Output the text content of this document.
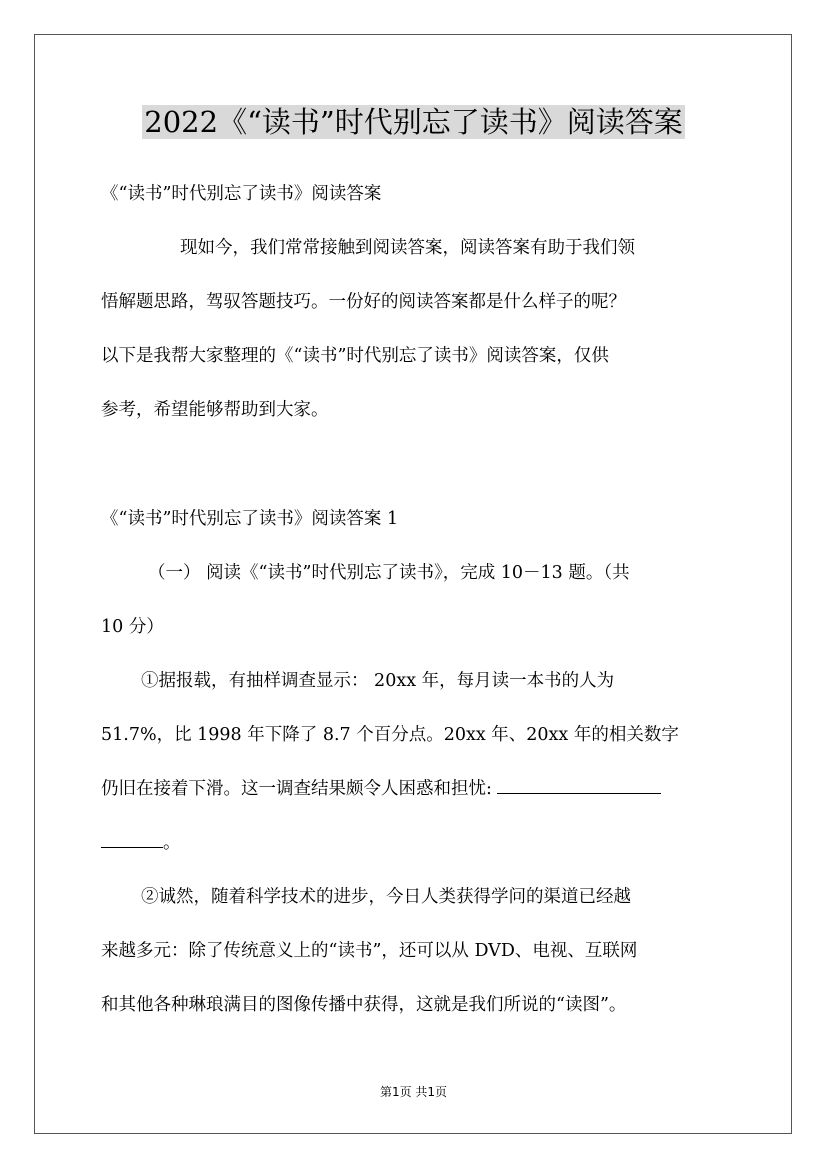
2022《“读书”时代别忘了读书》阅读答案
《“读书”时代别忘了读书》阅读答案
现如今，我们常常接触到阅读答案，阅读答案有助于我们领
悟解题思路，驾驭答题技巧。一份好的阅读答案都是什么样子的呢？
以下是我帮大家整理的《“读书”时代别忘了读书》阅读答案，仅供
参考，希望能够帮助到大家。
《“读书”时代别忘了读书》阅读答案 1
（一） 阅读《“读书”时代别忘了读书》，完成 10－13 题。（共
10 分）
①据报载，有抽样调查显示： 20xx 年，每月读一本书的人为
51.7%，比 1998 年下降了 8.7 个百分点。20xx 年、20xx 年的相关数字
仍旧在接着下滑。这一调查结果颇令人困惑和担忧:
。
②诚然，随着科学技术的进步，今日人类获得学问的渠道已经越
来越多元：除了传统意义上的“读书”，还可以从 DVD、电视、互联网
和其他各种琳琅满目的图像传播中获得，这就是我们所说的“读图”。
第1页 共1页
